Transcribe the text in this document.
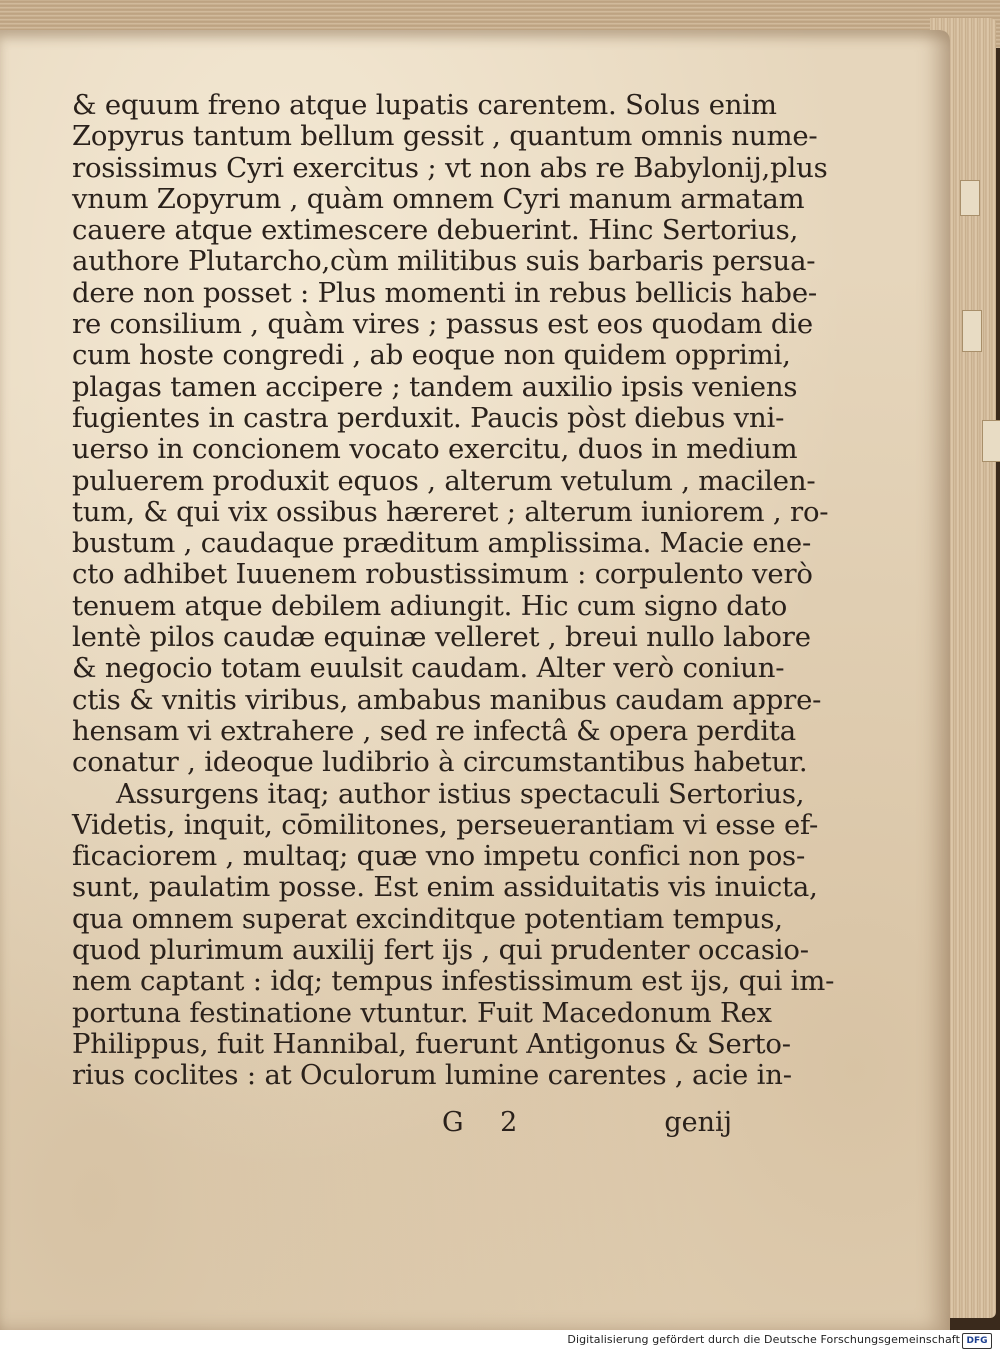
& equum freno atque lupatis carentem. Solus enim
Zopyrus tantum bellum gessit , quantum omnis nume-
rosissimus Cyri exercitus ; vt non abs re Babylonij,plus
vnum Zopyrum , quàm omnem Cyri manum armatam
cauere atque extimescere debuerint. Hinc Sertorius,
authore Plutarcho,cùm militibus suis barbaris persua-
dere non posset : Plus momenti in rebus bellicis habe-
re consilium , quàm vires ; passus est eos quodam die
cum hoste congredi , ab eoque non quidem opprimi,
plagas tamen accipere ; tandem auxilio ipsis veniens
fugientes in castra perduxit. Paucis pòst diebus vni-
uerso in concionem vocato exercitu, duos in medium
puluerem produxit equos , alterum vetulum , macilen-
tum, & qui vix ossibus hæreret ; alterum iuniorem , ro-
bustum , caudaque præditum amplissima. Macie ene-
cto adhibet Iuuenem robustissimum : corpulento verò
tenuem atque debilem adiungit. Hic cum signo dato
lentè pilos caudæ equinæ velleret , breui nullo labore
& negocio totam euulsit caudam. Alter verò coniun-
ctis & vnitis viribus, ambabus manibus caudam appre-
hensam vi extrahere , sed re infectâ & opera perdita
conatur , ideoque ludibrio à circumstantibus habetur.
Assurgens itaq; author istius spectaculi Sertorius,
Videtis, inquit, cōmilitones, perseuerantiam vi esse ef-
ficaciorem , multaq; quæ vno impetu confici non pos-
sunt, paulatim posse. Est enim assiduitatis vis inuicta,
qua omnem superat excinditque potentiam tempus,
quod plurimum auxilij fert ijs , qui prudenter occasio-
nem captant : idq; tempus infestissimum est ijs, qui im-
portuna festinatione vtuntur. Fuit Macedonum Rex
Philippus, fuit Hannibal, fuerunt Antigonus & Serto-
rius coclites : at Oculorum lumine carentes , acie in-
G 2	genij
Digitalisierung gefördert durch die Deutsche Forschungsgemeinschaft DFG
